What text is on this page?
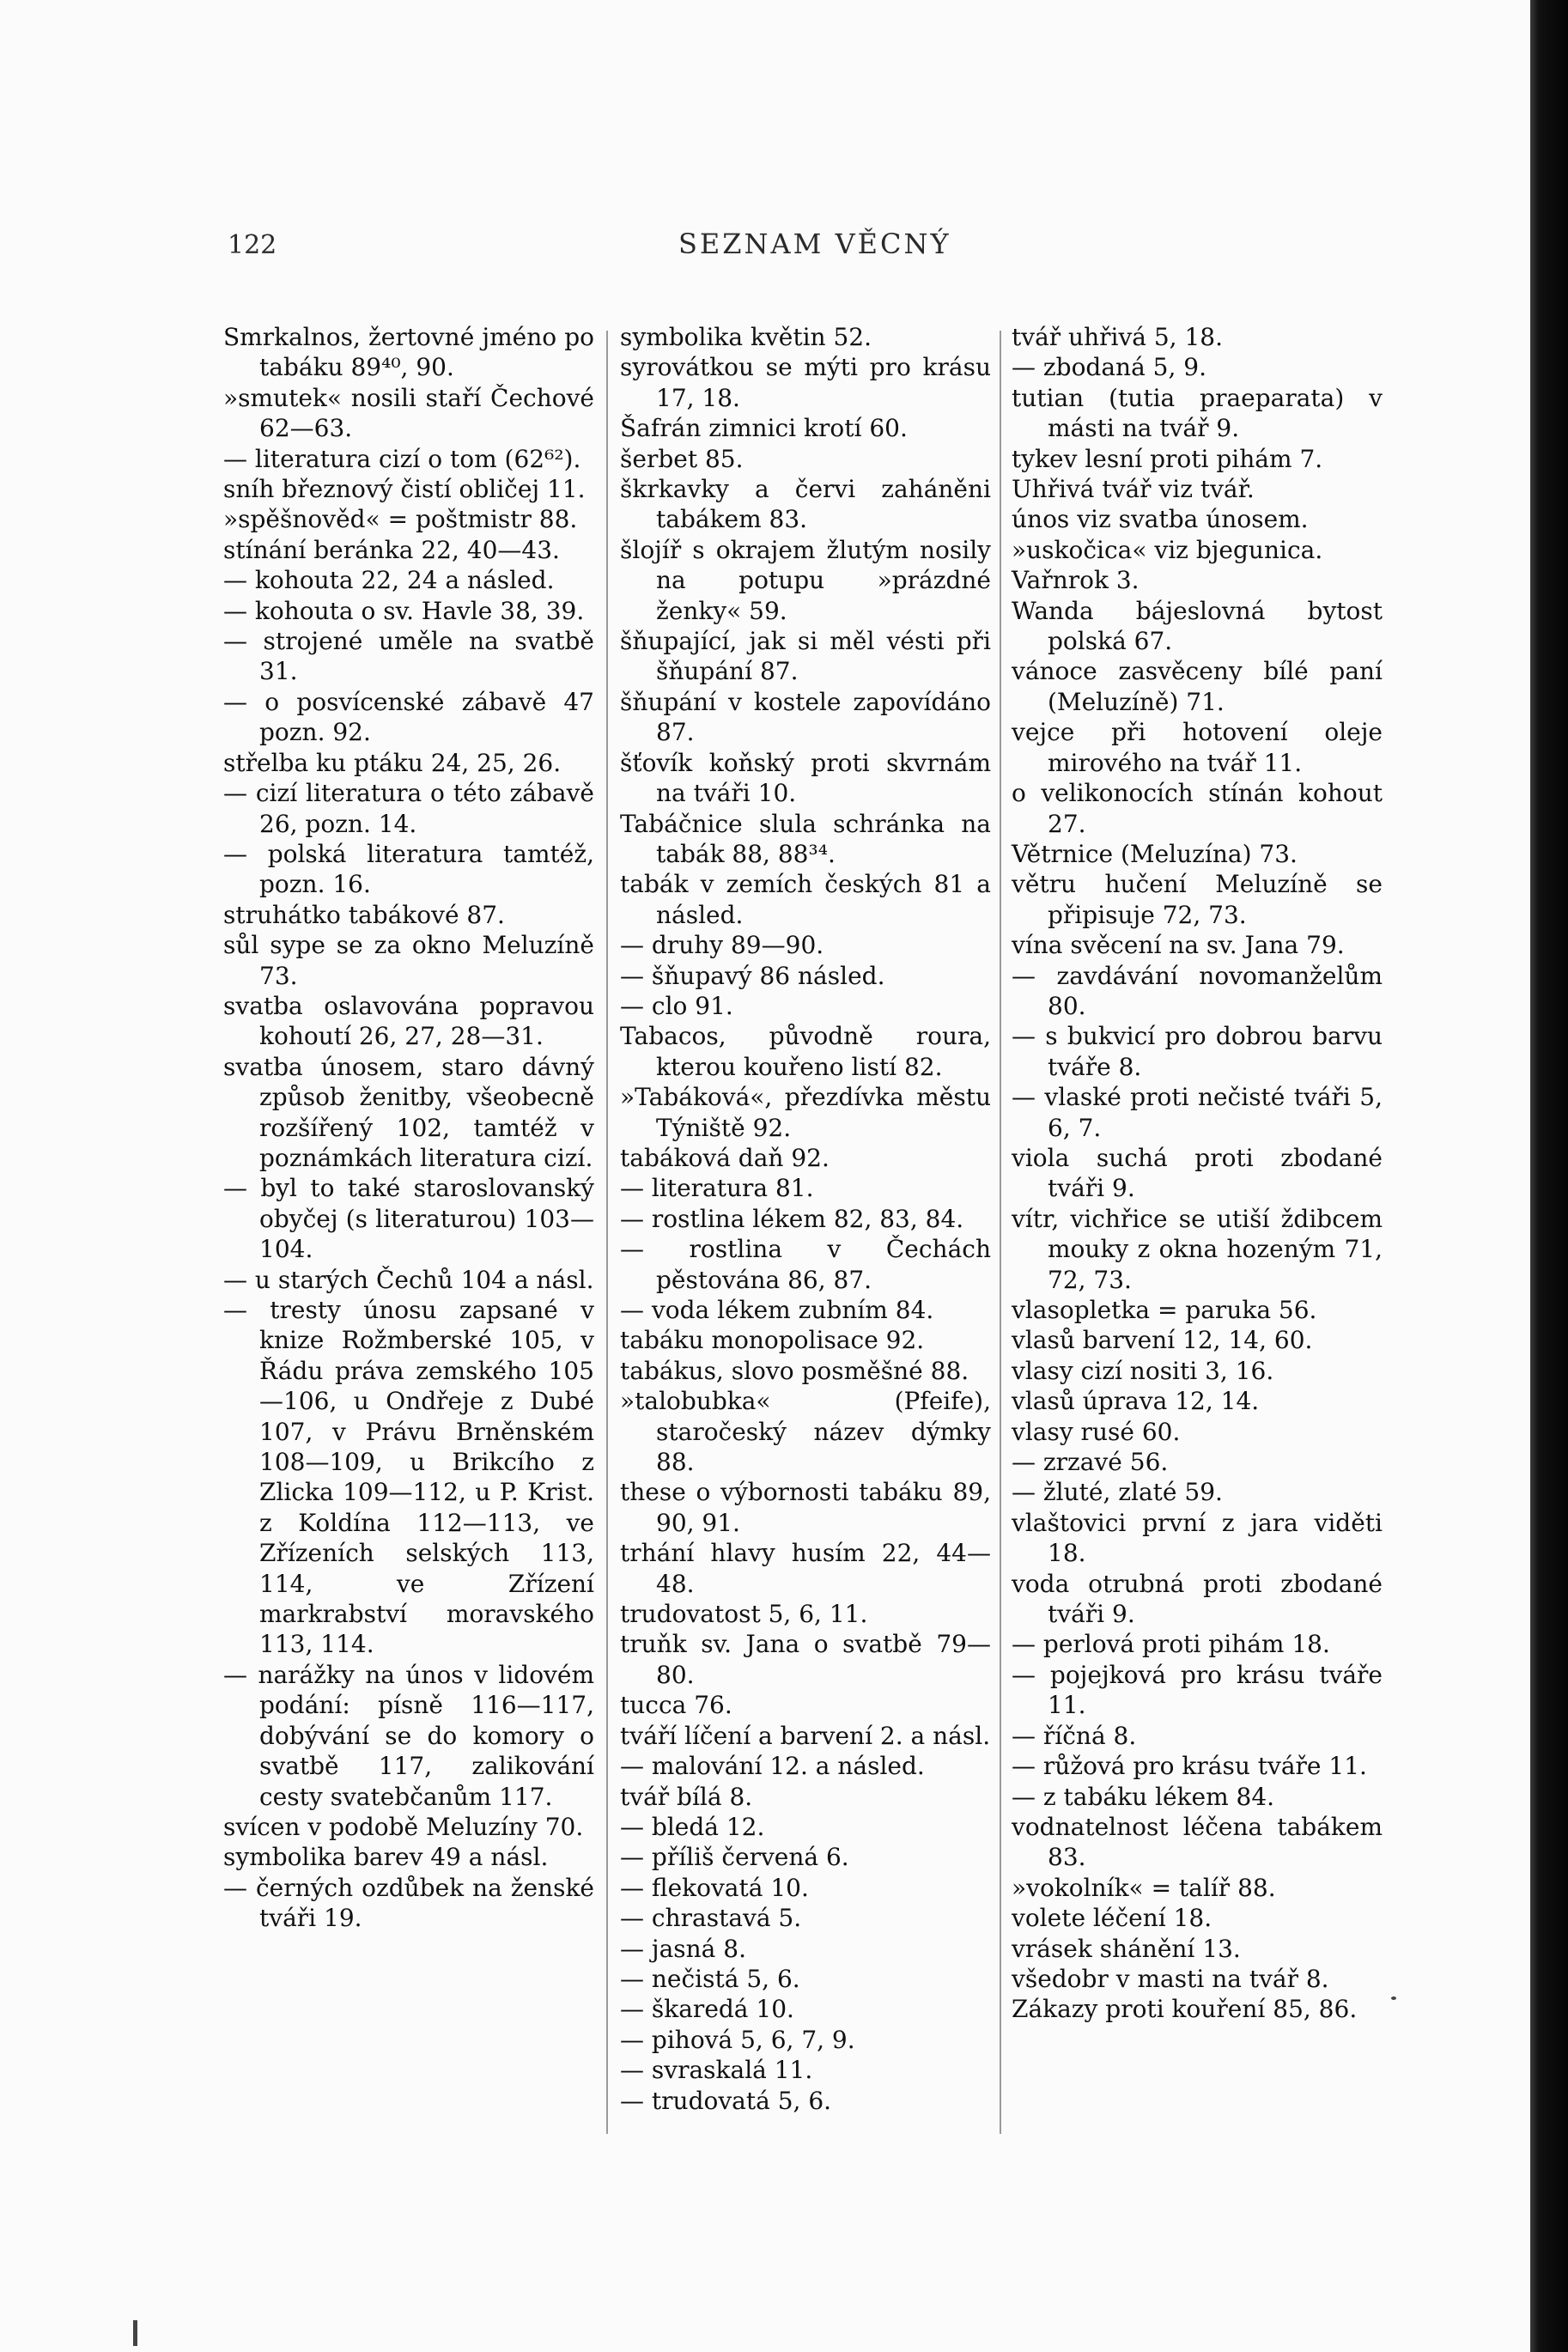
122	SEZNAM VĚCNÝ

Smrkalnos, žertovné jméno po tabáku 89⁴⁰, 90.

»smutek« nosili staří Čechové 62—63.

— literatura cizí o tom (62⁶²).

sníh březnový čistí obličej 11.

»spěšnověd« = poštmistr 88.

stínání beránka 22, 40—43.

— kohouta 22, 24 a násled.

— kohouta o sv. Havle 38, 39.

— strojené uměle na svatbě 31.

— o posvícenské zábavě 47 pozn. 92.

střelba ku ptáku 24, 25, 26.

— cizí literatura o této zábavě 26, pozn. 14.

— polská literatura tamtéž, pozn. 16.

struhátko tabákové 87.

sůl sype se za okno Meluzíně 73.

svatba oslavována popravou kohoutí 26, 27, 28—31.

svatba únosem, staro dávný způsob ženitby, všeobecně rozšířený 102, tamtéž v poznámkách literatura cizí.

— byl to také staroslovanský obyčej (s literaturou) 103—104.

— u starých Čechů 104 a násl.

— tresty únosu zapsané v knize Rožmberské 105, v Řádu práva zemského 105—106, u Ondřeje z Dubé 107, v Právu Brněnském 108—109, u Brikcího z Zlicka 109—112, u P. Krist. z Koldína 112—113, ve Zřízeních selských 113, 114, ve Zřízení markrabství moravského 113, 114.

— narážky na únos v lidovém podání: písně 116—117, dobývání se do komory o svatbě 117, zalikování cesty svatebčanům 117.

svícen v podobě Meluzíny 70.

symbolika barev 49 a násl.

— černých ozdůbek na ženské tváři 19.

symbolika květin 52.

syrovátkou se mýti pro krásu 17, 18.

Šafrán zimnici krotí 60.

šerbet 85.

škrkavky a červi zaháněni tabákem 83.

šlojíř s okrajem žlutým nosily na potupu »prázdné ženky« 59.

šňupající, jak si měl vésti při šňupání 87.

šňupání v kostele zapovídáno 87.

šťovík koňský proti skvrnám na tváři 10.

Tabáčnice slula schránka na tabák 88, 88³⁴.

tabák v zemích českých 81 a násled.

— druhy 89—90.

— šňupavý 86 násled.

— clo 91.

Tabacos, původně roura, kterou kouřeno listí 82.

»Tabáková«, přezdívka městu Týniště 92.

tabáková daň 92.

— literatura 81.

— rostlina lékem 82, 83, 84.

— rostlina v Čechách pěstována 86, 87.

— voda lékem zubním 84.

tabáku monopolisace 92.

tabákus, slovo posměšné 88.

»talobubka« (Pfeife), staročeský název dýmky 88.

these o výbornosti tabáku 89, 90, 91.

trhání hlavy husím 22, 44—48.

trudovatost 5, 6, 11.

truňk sv. Jana o svatbě 79—80.

tucca 76.

tváří líčení a barvení 2. a násl.

— malování 12. a násled.

tvář bílá 8.

— bledá 12.

— příliš červená 6.

— flekovatá 10.

— chrastavá 5.

— jasná 8.

— nečistá 5, 6.

— škaredá 10.

— pihová 5, 6, 7, 9.

— svraskalá 11.

— trudovatá 5, 6.

tvář uhřivá 5, 18.

— zbodaná 5, 9.

tutian (tutia praeparata) v másti na tvář 9.

tykev lesní proti pihám 7.

Uhřivá tvář viz tvář.

únos viz svatba únosem.

»uskočica« viz bjegunica.

Vařnrok 3.

Wanda bájeslovná bytost polská 67.

vánoce zasvěceny bílé paní (Meluzíně) 71.

vejce při hotovení oleje mirového na tvář 11.

o velikonocích stínán kohout 27.

Větrnice (Meluzína) 73.

větru hučení Meluzíně se připisuje 72, 73.

vína svěcení na sv. Jana 79.

— zavdávání novomanželům 80.

— s bukvicí pro dobrou barvu tváře 8.

— vlaské proti nečisté tváři 5, 6, 7.

viola suchá proti zbodané tváři 9.

vítr, vichřice se utiší ždibcem mouky z okna hozeným 71, 72, 73.

vlasopletka = paruka 56.

vlasů barvení 12, 14, 60.

vlasy cizí nositi 3, 16.

vlasů úprava 12, 14.

vlasy rusé 60.

— zrzavé 56.

— žluté, zlaté 59.

vlaštovici první z jara viděti 18.

voda otrubná proti zbodané tváři 9.

— perlová proti pihám 18.

— pojejková pro krásu tváře 11.

— říčná 8.

— růžová pro krásu tváře 11.

— z tabáku lékem 84.

vodnatelnost léčena tabákem 83.

»vokolník« = talíř 88.

volete léčení 18.

vrásek shánění 13.

všedobr v masti na tvář 8.

Zákazy proti kouření 85, 86.
